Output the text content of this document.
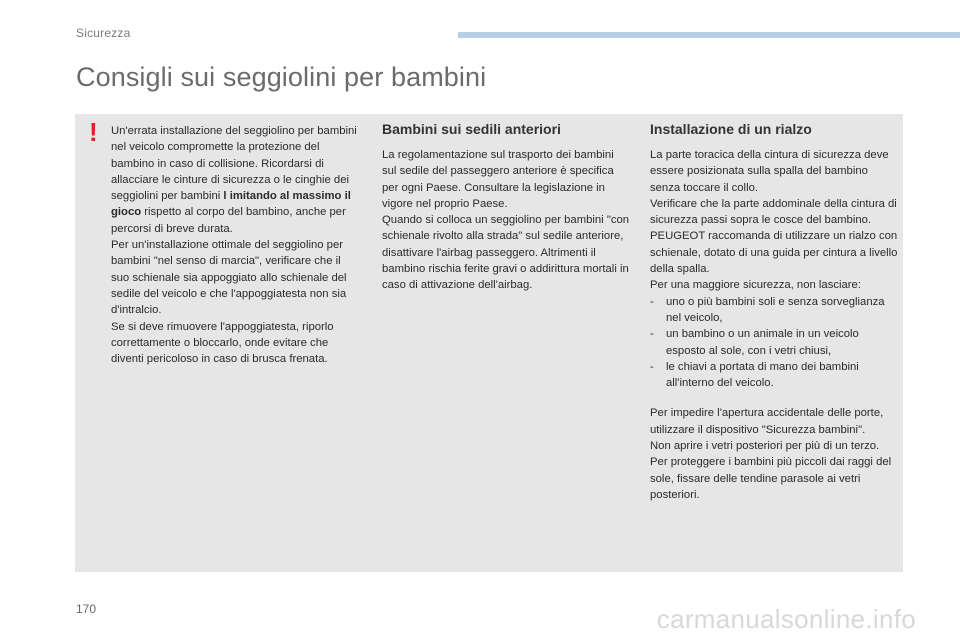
Sicurezza
Consigli sui seggiolini per bambini
! Un'errata installazione del seggiolino per bambini nel veicolo compromette la protezione del bambino in caso di collisione. Ricordarsi di allacciare le cinture di sicurezza o le cinghie dei seggiolini per bambini l imitando al massimo il gioco rispetto al corpo del bambino, anche per percorsi di breve durata.

Per un'installazione ottimale del seggiolino per bambini "nel senso di marcia", verificare che il suo schienale sia appoggiato allo schienale del sedile del veicolo e che l'appoggiatesta non sia d'intralcio.

Se si deve rimuovere l'appoggiatesta, riporlo correttamente o bloccarlo, onde evitare che diventi pericoloso in caso di brusca frenata.

Bambini sui sedili anteriori

La regolamentazione sul trasporto dei bambini sul sedile del passeggero anteriore è specifica per ogni Paese. Consultare la legislazione in vigore nel proprio Paese.

Quando si colloca un seggiolino per bambini "con schienale rivolto alla strada" sul sedile anteriore, disattivare l'airbag passeggero. Altrimenti il bambino rischia ferite gravi o addirittura mortali in caso di attivazione dell'airbag.

Installazione di un rialzo

La parte toracica della cintura di sicurezza deve essere posizionata sulla spalla del bambino senza toccare il collo.

Verificare che la parte addominale della cintura di sicurezza passi sopra le cosce del bambino.

PEUGEOT raccomanda di utilizzare un rialzo con schienale, dotato di una guida per cintura a livello della spalla.

Per una maggiore sicurezza, non lasciare:

- uno o più bambini soli e senza sorveglianza nel veicolo,
- un bambino o un animale in un veicolo esposto al sole, con i vetri chiusi,
- le chiavi a portata di mano dei bambini all'interno del veicolo.

Per impedire l'apertura accidentale delle porte, utilizzare il dispositivo "Sicurezza bambini".

Non aprire i vetri posteriori per più di un terzo.

Per proteggere i bambini più piccoli dai raggi del sole, fissare delle tendine parasole ai vetri posteriori.

170	carmanualsonline.info
